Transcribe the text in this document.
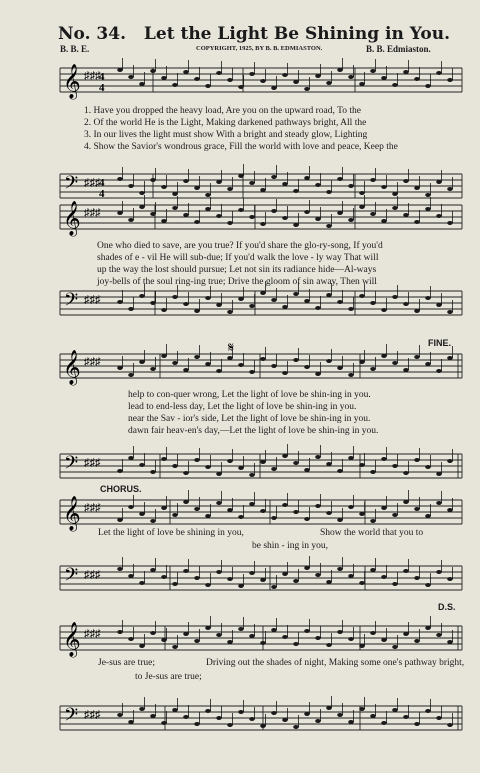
No. 34. Let the Light Be Shining in You.
B. B. E.	COPYRIGHT, 1925, BY B. B. EDMIASTON.	B. B. Edmiaston.
𝄞 ♯♯♯
4
4
𝄢 ♯♯♯
4
4
1. Have you dropped the heavy load, Are you on the upward road, To the
2. Of the world He is the Light, Making darkened pathways bright, All the
3. In our lives the light must show With a bright and steady glow, Lighting
4. Show the Savior's wondrous grace, Fill the world with love and peace, Keep the
𝄞 ♯♯♯
𝄢 ♯♯♯
One who died to save, are you true? If you'd share the glo-ry-song, If you'd
shades of e - vil He will sub-due; If you'd walk the love - ly way That will
up the way the lost should pursue; Let not sin its radiance hide—Al-ways
joy-bells of the soul ring-ing true; Drive the gloom of sin away, Then will
FINE.
𝄞 ♯♯♯
𝄋
𝄢 ♯♯♯
help to con-quer wrong, Let the light of love be shin-ing in you.
lead to end-less day, Let the light of love be shin-ing in you.
near the Sav - ior's side, Let the light of love be shin-ing in you.
dawn fair heav-en's day,—Let the light of love be shin-ing in you.
CHORUS.
𝄞 ♯♯♯
Let the light of love be shining in you,	Show the world that you to
be shin - ing in you,
𝄢 ♯♯♯
D.S.
𝄞 ♯♯♯
Je-sus are true;	Driving out the shades of night, Making some one's pathway bright,
to Je-sus are true;
𝄢 ♯♯♯
